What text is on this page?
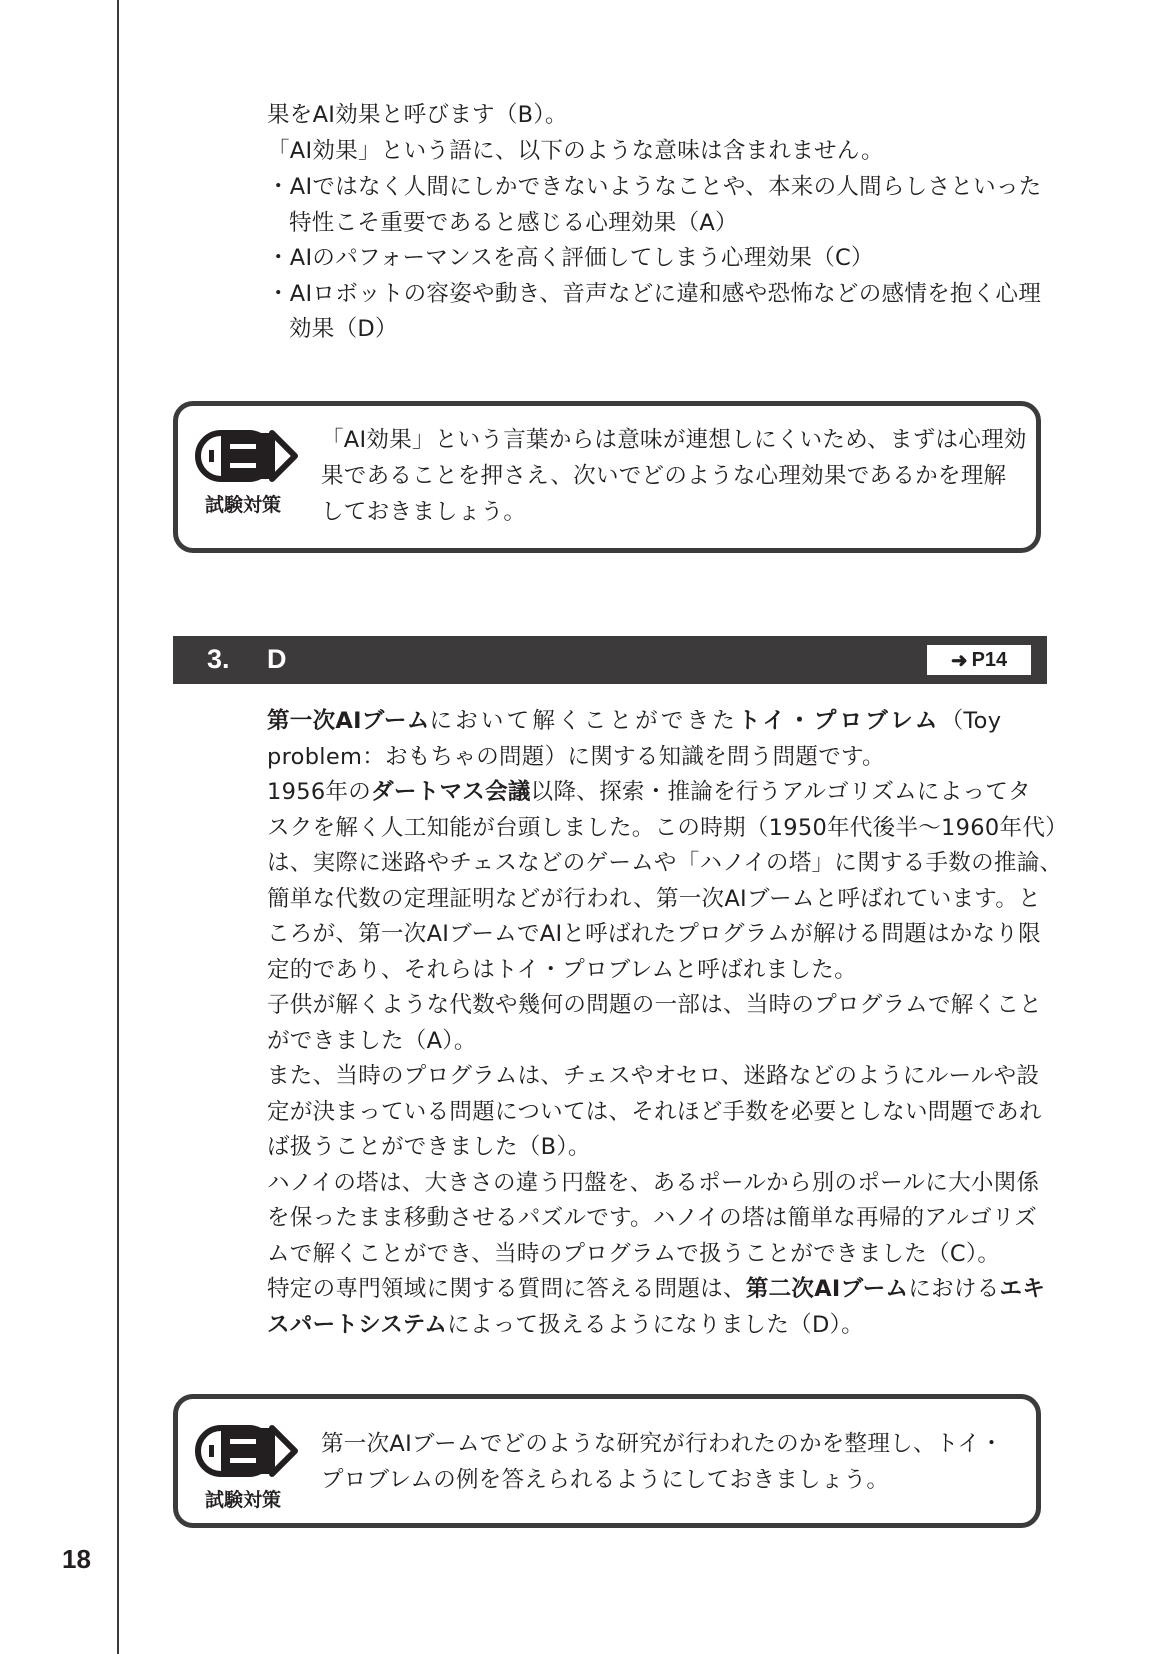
果をAI効果と呼びます（B）。
「AI効果」という語に、以下のような意味は含まれません。
・AIではなく人間にしかできないようなことや、本来の人間らしさといった
特性こそ重要であると感じる心理効果（A）
・AIのパフォーマンスを高く評価してしまう心理効果（C）
・AIロボットの容姿や動き、音声などに違和感や恐怖などの感情を抱く心理
効果（D）
試験対策
「AI効果」という言葉からは意味が連想しにくいため、まずは心理効
果であることを押さえ、次いでどのような心理効果であるかを理解
しておきましょう。
3. D	➜ P14
第一次AIブームにおいて解くことができたトイ・プロブレム（Toy
problem：おもちゃの問題）に関する知識を問う問題です。
1956年のダートマス会議以降、探索・推論を行うアルゴリズムによってタ
スクを解く人工知能が台頭しました。この時期（1950年代後半〜1960年代）
は、実際に迷路やチェスなどのゲームや「ハノイの塔」に関する手数の推論、
簡単な代数の定理証明などが行われ、第一次AIブームと呼ばれています。と
ころが、第一次AIブームでAIと呼ばれたプログラムが解ける問題はかなり限
定的であり、それらはトイ・プロブレムと呼ばれました。
子供が解くような代数や幾何の問題の一部は、当時のプログラムで解くこと
ができました（A）。
また、当時のプログラムは、チェスやオセロ、迷路などのようにルールや設
定が決まっている問題については、それほど手数を必要としない問題であれ
ば扱うことができました（B）。
ハノイの塔は、大きさの違う円盤を、あるポールから別のポールに大小関係
を保ったまま移動させるパズルです。ハノイの塔は簡単な再帰的アルゴリズ
ムで解くことができ、当時のプログラムで扱うことができました（C）。
特定の専門領域に関する質問に答える問題は、第二次AIブームにおけるエキ
スパートシステムによって扱えるようになりました（D）。
試験対策
第一次AIブームでどのような研究が行われたのかを整理し、トイ・
プロブレムの例を答えられるようにしておきましょう。
18
